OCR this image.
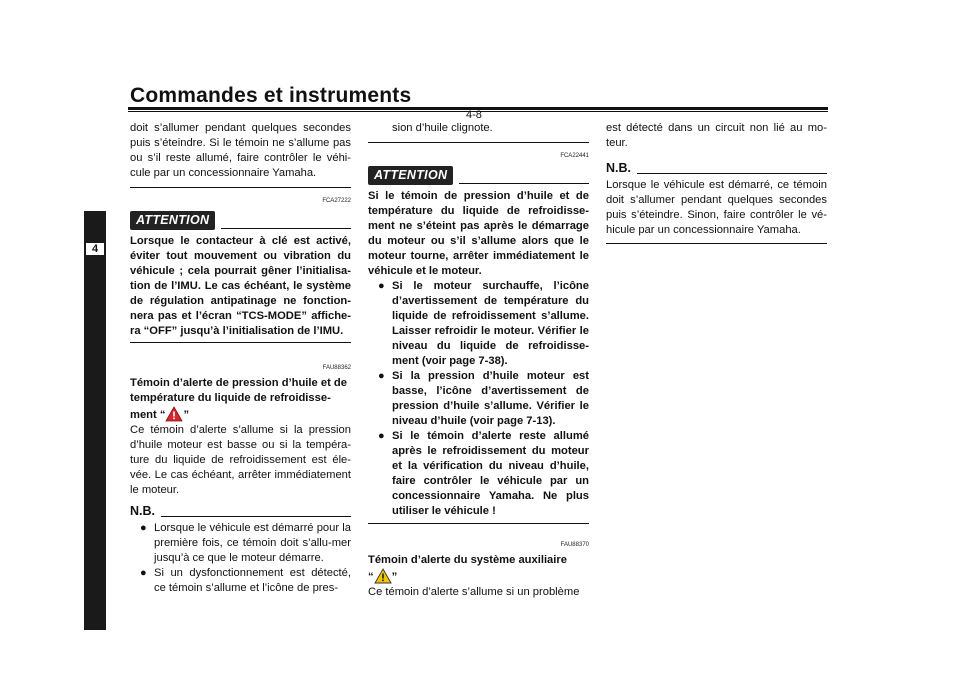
Commandes et instruments
4-8
4
doit s’allumer pendant quelques secondes puis s’éteindre. Si le témoin ne s’allume pas ou s’il reste allumé, faire contrôler le véhi-cule par un concessionnaire Yamaha.
FCA27222
ATTENTION
Lorsque le contacteur à clé est activé, éviter tout mouvement ou vibration du véhicule ; cela pourrait gêner l’initialisa-tion de l’IMU. Le cas échéant, le système de régulation antipatinage ne fonction-nera pas et l’écran “TCS-MODE” affiche-ra “OFF” jusqu’à l’initialisation de l’IMU.
FAU88362
Témoin d’alerte de pression d’huile et de
température du liquide de refroidisse-
ment “ ”
Ce témoin d’alerte s’allume si la pression d’huile moteur est basse ou si la tempéra-ture du liquide de refroidissement est éle-vée. Le cas échéant, arrêter immédiatement le moteur.
N.B.
● Lorsque le véhicule est démarré pour la première fois, ce témoin doit s’allu-mer jusqu’à ce que le moteur démarre.
● Si un dysfonctionnement est détecté, ce témoin s’allume et l’icône de pres-
sion d’huile clignote.
FCA22441
ATTENTION
Si le témoin de pression d’huile et de température du liquide de refroidisse-ment ne s’éteint pas après le démarrage du moteur ou s’il s’allume alors que le moteur tourne, arrêter immédiatement le véhicule et le moteur.
● Si le moteur surchauffe, l’icône d’avertissement de température du liquide de refroidissement s’allume. Laisser refroidir le moteur. Vérifier le niveau du liquide de refroidisse-ment (voir page 7-38).
● Si la pression d’huile moteur est basse, l’icône d’avertissement de pression d’huile s’allume. Vérifier le niveau d’huile (voir page 7-13).
● Si le témoin d’alerte reste allumé après le refroidissement du moteur et la vérification du niveau d’huile, faire contrôler le véhicule par un concessionnaire Yamaha. Ne plus utiliser le véhicule !
FAU88370
Témoin d’alerte du système auxiliaire
“ ”
Ce témoin d’alerte s’allume si un problème
est détecté dans un circuit non lié au mo-teur.
N.B.
Lorsque le véhicule est démarré, ce témoin doit s’allumer pendant quelques secondes puis s’éteindre. Sinon, faire contrôler le vé-hicule par un concessionnaire Yamaha.
